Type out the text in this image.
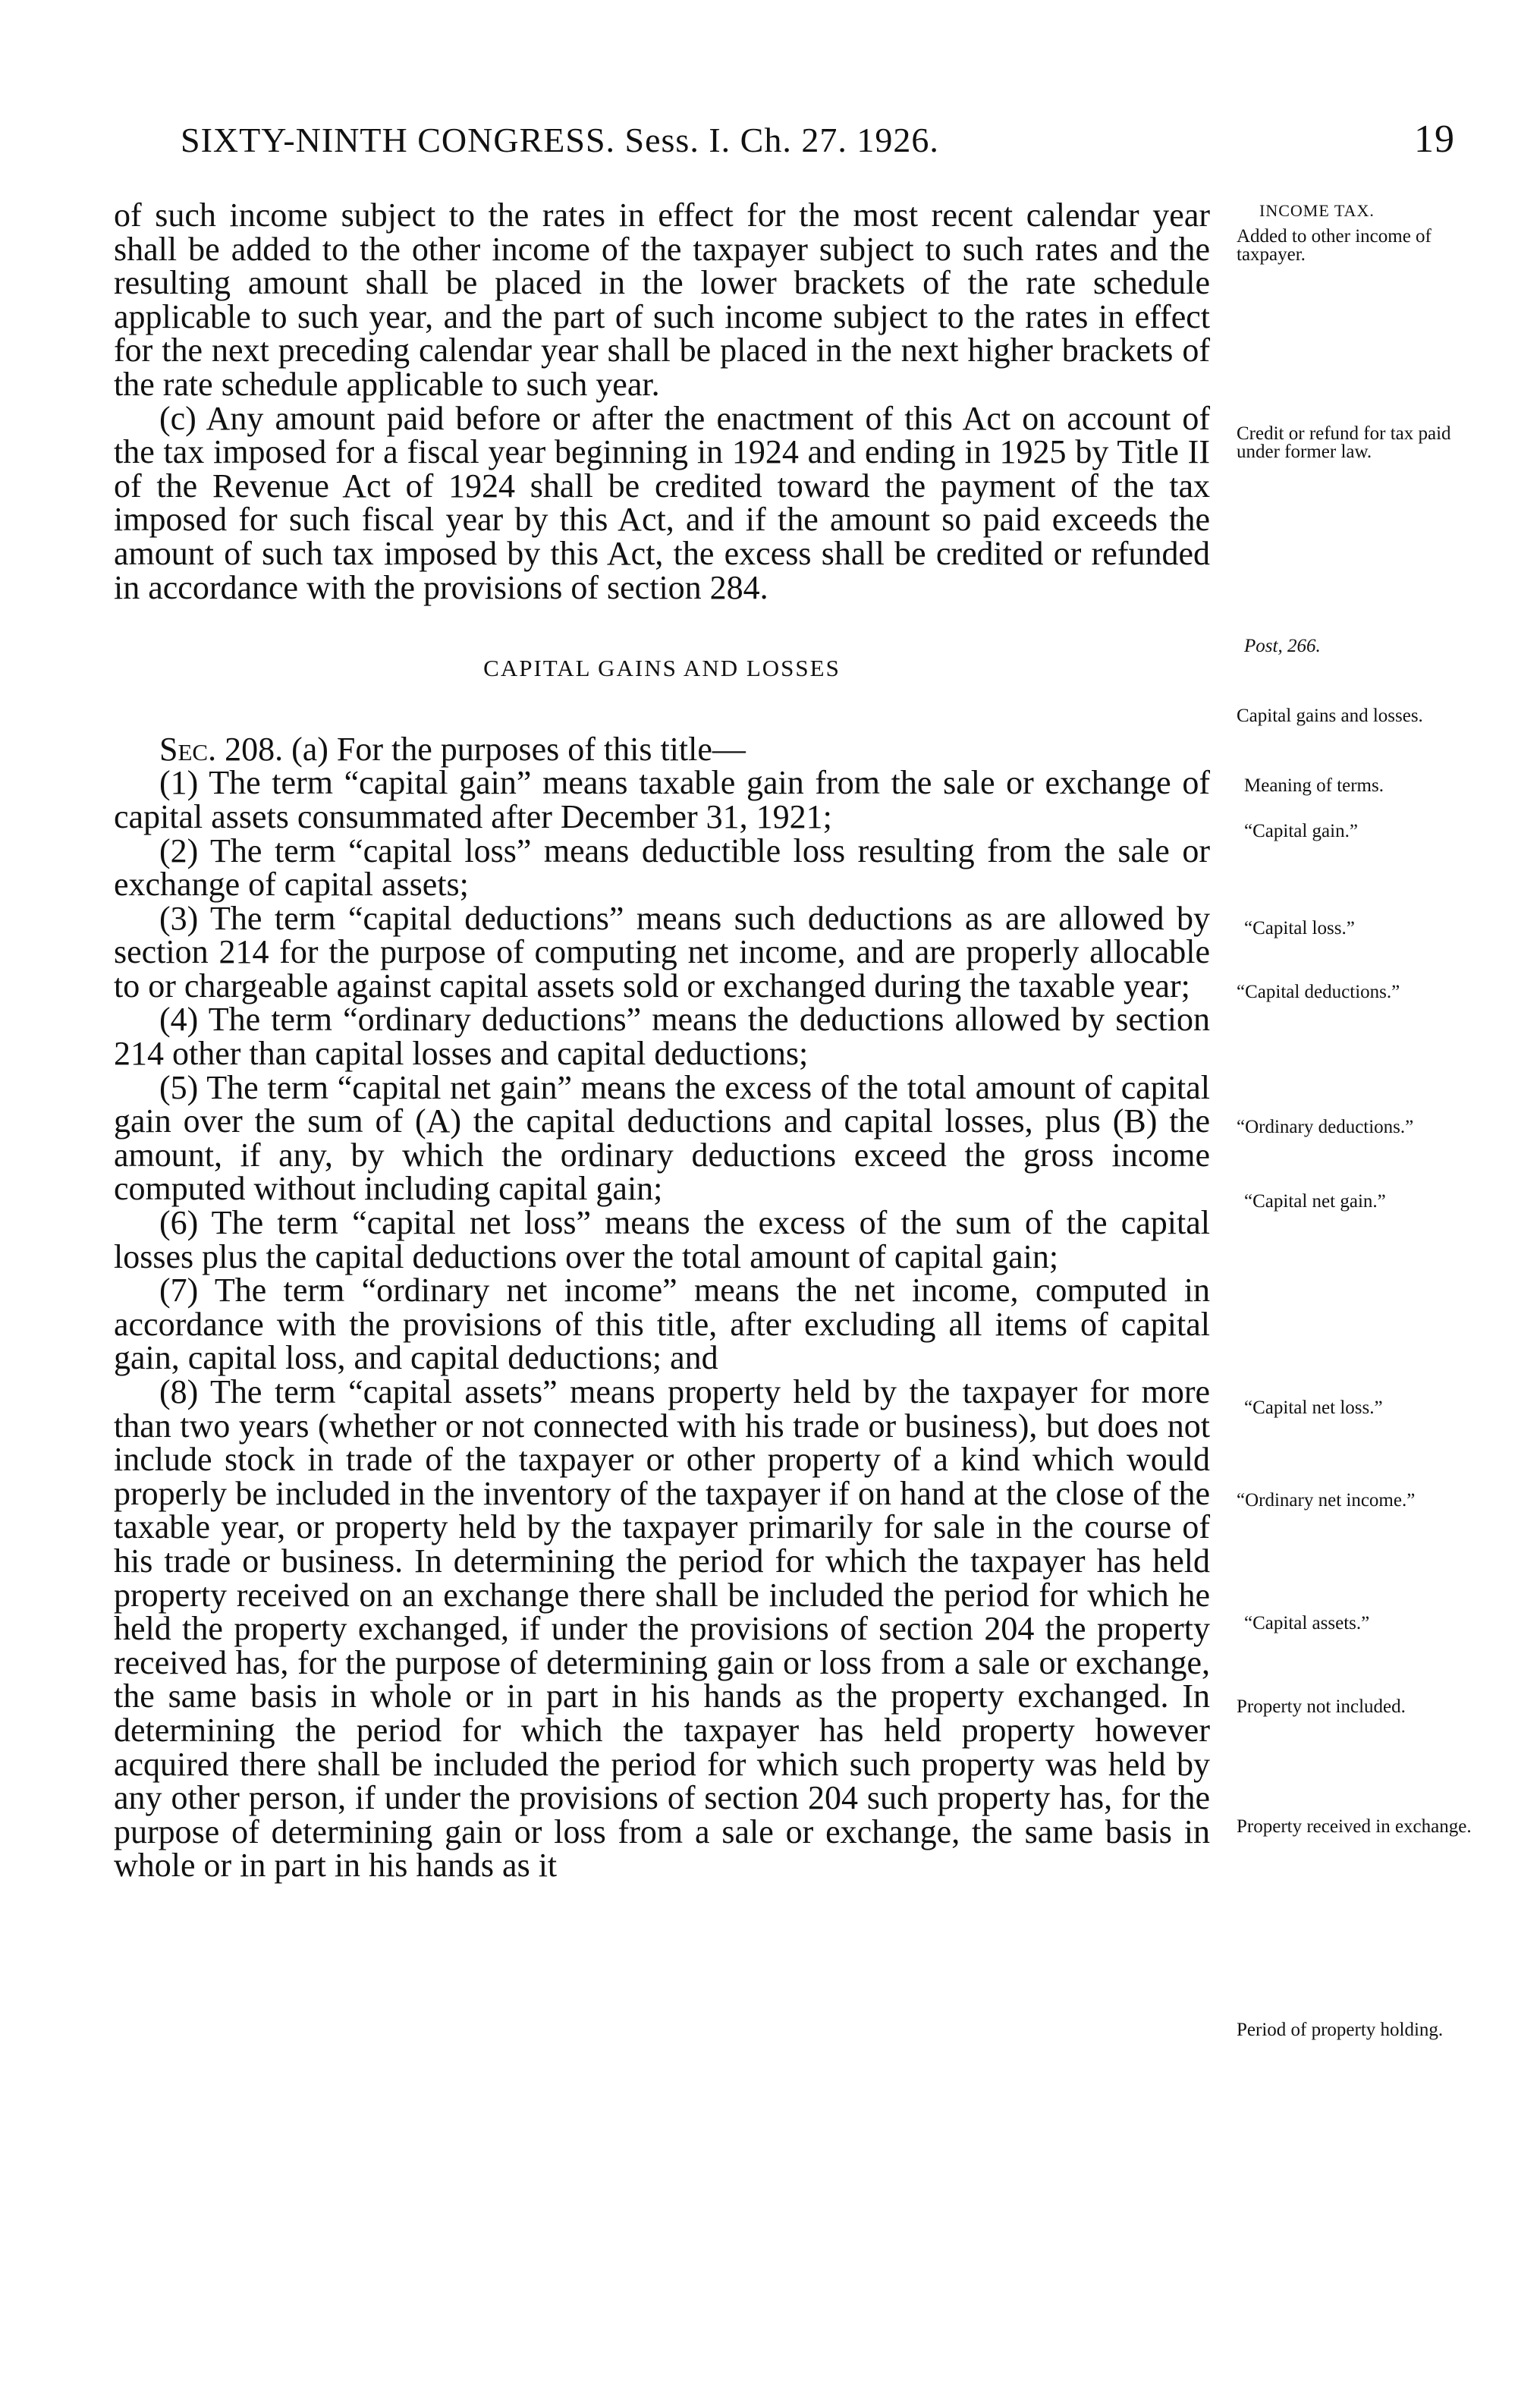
SIXTY-NINTH CONGRESS. Sess. I. Ch. 27. 1926.	19

of such income subject to the rates in effect for the most recent calendar year shall be added to the other income of the taxpayer subject to such rates and the resulting amount shall be placed in the lower brackets of the rate schedule applicable to such year, and the part of such income subject to the rates in effect for the next preceding calendar year shall be placed in the next higher brackets of the rate schedule applicable to such year.

(c) Any amount paid before or after the enactment of this Act on account of the tax imposed for a fiscal year beginning in 1924 and ending in 1925 by Title II of the Revenue Act of 1924 shall be credited toward the payment of the tax imposed for such fiscal year by this Act, and if the amount so paid exceeds the amount of such tax imposed by this Act, the excess shall be credited or refunded in accordance with the provisions of section 284.

CAPITAL GAINS AND LOSSES

Sec. 208. (a) For the purposes of this title—

(1) The term “capital gain” means taxable gain from the sale or exchange of capital assets consummated after December 31, 1921;

(2) The term “capital loss” means deductible loss resulting from the sale or exchange of capital assets;

(3) The term “capital deductions” means such deductions as are allowed by section 214 for the purpose of computing net income, and are properly allocable to or chargeable against capital assets sold or exchanged during the taxable year;

(4) The term “ordinary deductions” means the deductions allowed by section 214 other than capital losses and capital deductions;

(5) The term “capital net gain” means the excess of the total amount of capital gain over the sum of (A) the capital deductions and capital losses, plus (B) the amount, if any, by which the ordinary deductions exceed the gross income computed without including capital gain;

(6) The term “capital net loss” means the excess of the sum of the capital losses plus the capital deductions over the total amount of capital gain;

(7) The term “ordinary net income” means the net income, computed in accordance with the provisions of this title, after excluding all items of capital gain, capital loss, and capital deductions; and

(8) The term “capital assets” means property held by the taxpayer for more than two years (whether or not connected with his trade or business), but does not include stock in trade of the taxpayer or other property of a kind which would properly be included in the inventory of the taxpayer if on hand at the close of the taxable year, or property held by the taxpayer primarily for sale in the course of his trade or business. In determining the period for which the taxpayer has held property received on an exchange there shall be included the period for which he held the property exchanged, if under the provisions of section 204 the property received has, for the purpose of determining gain or loss from a sale or exchange, the same basis in whole or in part in his hands as the property exchanged. In determining the period for which the taxpayer has held property however acquired there shall be included the period for which such property was held by any other person, if under the provisions of section 204 such property has, for the purpose of determining gain or loss from a sale or exchange, the same basis in whole or in part in his hands as it

INCOME TAX.
Added to other income of taxpayer.
Credit or refund for tax paid under former law.
Post, 266.
Capital gains and losses.
Meaning of terms.
“Capital gain.”
“Capital loss.”
“Capital deductions.”
“Ordinary deductions.”
“Capital net gain.”
“Capital net loss.”
“Ordinary net income.”
“Capital assets.”
Property not included.
Property received in exchange.
Period of property holding.
